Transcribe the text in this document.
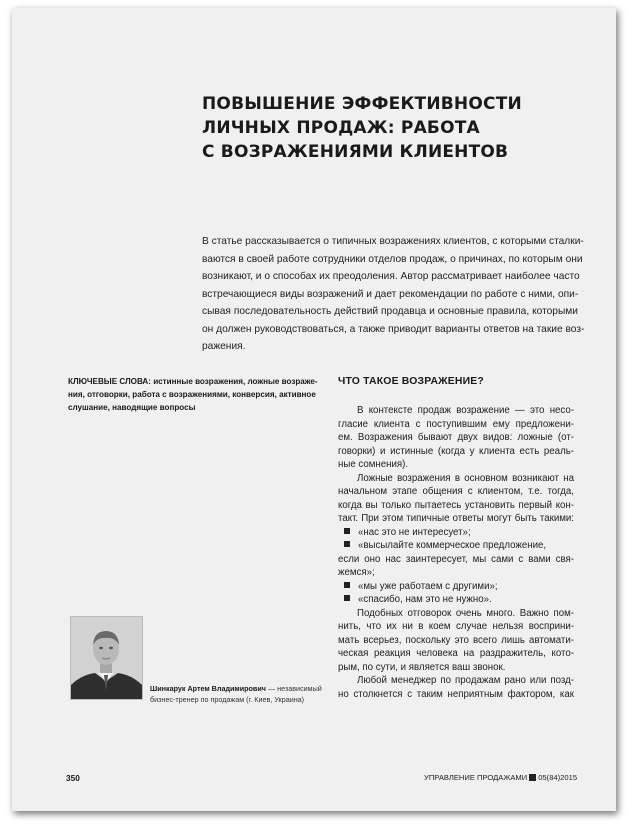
ПОВЫШЕНИЕ ЭФФЕКТИВНОСТИ
ЛИЧНЫХ ПРОДАЖ: РАБОТА
С ВОЗРАЖЕНИЯМИ КЛИЕНТОВ
В статье рассказывается о типичных возражениях клиентов, с которыми сталки-
ваются в своей работе сотрудники отделов продаж, о причинах, по которым они
возникают, и о способах их преодоления. Автор рассматривает наиболее часто
встречающиеся виды возражений и дает рекомендации по работе с ними, опи-
сывая последовательность действий продавца и основные правила, которыми
он должен руководствоваться, а также приводит варианты ответов на такие воз-
ражения.
КЛЮЧЕВЫЕ СЛОВА: истинные возражения, ложные возраже-
ния, отговорки, работа с возражениями, конверсия, активное
слушание, наводящие вопросы
ЧТО ТАКОЕ ВОЗРАЖЕНИЕ?
В контексте продаж возражение — это несо-
гласие клиента с поступившим ему предложени-
ем. Возражения бывают двух видов: ложные (от-
говорки) и истинные (когда у клиента есть реаль-
ные сомнения).
Ложные возражения в основном возникают на
начальном этапе общения с клиентом, т.е. тогда,
когда вы только пытаетесь установить первый кон-
такт. При этом типичные ответы могут быть такими:
«нас это не интересует»;
«высылайте коммерческое предложение,
если оно нас заинтересует, мы сами с вами свя-
жемся»;
«мы уже работаем с другими»;
«спасибо, нам это не нужно».
Подобных отговорок очень много. Важно пом-
нить, что их ни в коем случае нельзя восприни-
мать всерьез, поскольку это всего лишь автомати-
ческая реакция человека на раздражитель, кото-
рым, по сути, и является ваш звонок.
Любой менеджер по продажам рано или позд-
но столкнется с таким неприятным фактором, как
Шинкарук Артем Владимирович — независимый
бизнес-тренер по продажам (г. Киев, Украина)
350	УПРАВЛЕНИЕ ПРОДАЖАМИ 05(84)2015
